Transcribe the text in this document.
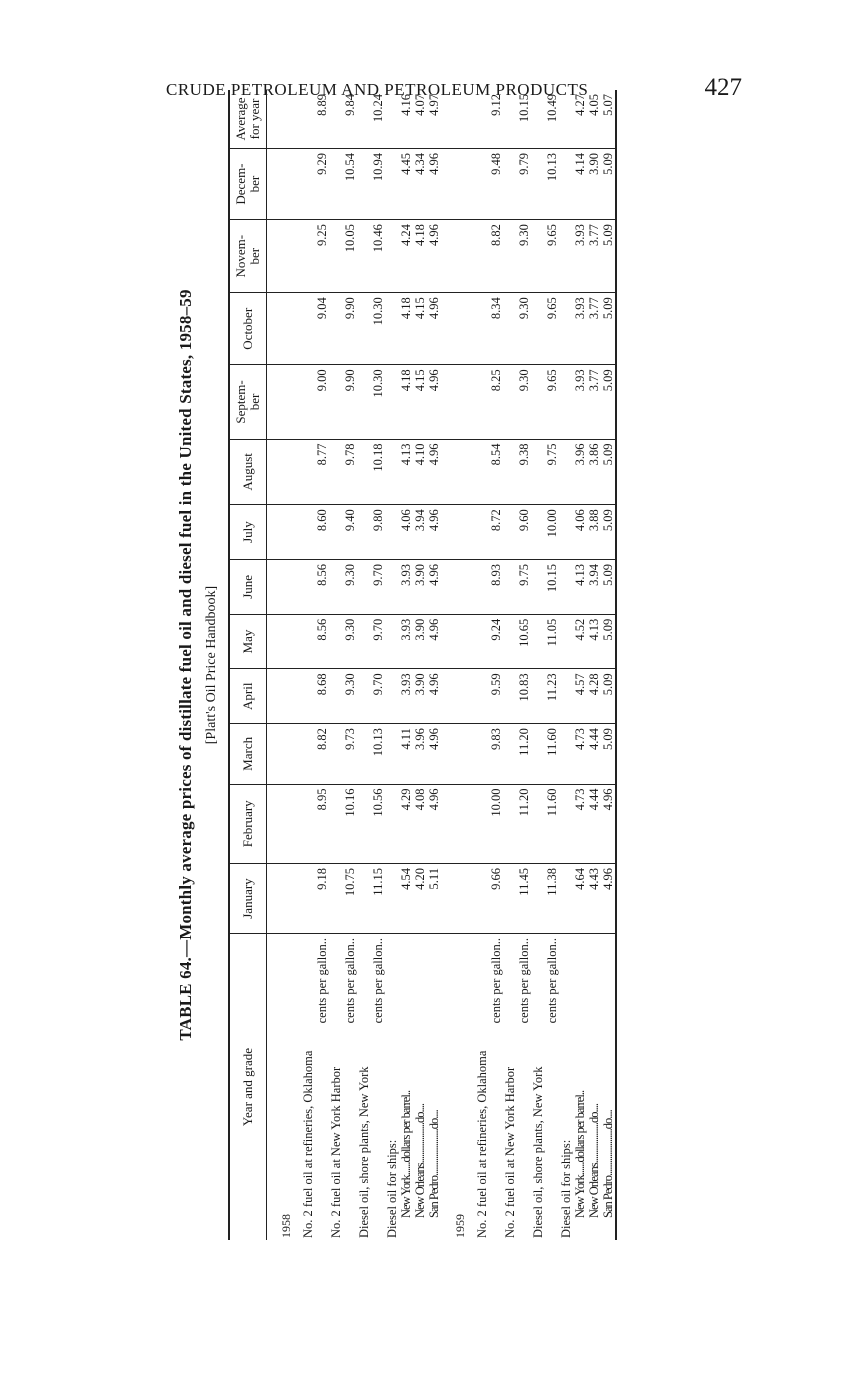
CRUDE PETROLEUM AND PETROLEUM PRODUCTS	427
TABLE 64.—Monthly average prices of distillate fuel oil and diesel fuel in the United States, 1958–59 [Platt's Oil Price Handbook]
Year and grade	January	February	March	April	May	June	July	August	Septem-
ber	October	Novem-
ber	Decem-
ber	Average for year
1958													
No. 2 fuel oil at refineries, Oklahoma
cents per gallon..	9.18	8.95	8.82	8.68	8.56	8.56	8.60	8.77	9.00	9.04	9.25	9.29	8.89
No. 2 fuel oil at New York Harbor
cents per gallon..	10.75	10.16	9.73	9.30	9.30	9.30	9.40	9.78	9.90	9.90	10.05	10.54	9.84
Diesel oil, shore plants, New York
cents per gallon..	11.15	10.56	10.13	9.70	9.70	9.70	9.80	10.18	10.30	10.30	10.46	10.94	10.24
Diesel oil for ships:													
New York......dollars per barrel..	4.54	4.29	4.11	3.93	3.93	3.93	4.06	4.13	4.18	4.18	4.24	4.45	4.16
New Orleans...................do....	4.20	4.08	3.96	3.90	3.90	3.90	3.94	4.10	4.15	4.15	4.18	4.34	4.07
San Pedro......................do....	5.11	4.96	4.96	4.96	4.96	4.96	4.96	4.96	4.96	4.96	4.96	4.96	4.97
1959													
No. 2 fuel oil at refineries, Oklahoma
cents per gallon..	9.66	10.00	9.83	9.59	9.24	8.93	8.72	8.54	8.25	8.34	8.82	9.48	9.12
No. 2 fuel oil at New York Harbor
cents per gallon..	11.45	11.20	11.20	10.83	10.65	9.75	9.60	9.38	9.30	9.30	9.30	9.79	10.15
Diesel oil, shore plants, New York
cents per gallon..	11.38	11.60	11.60	11.23	11.05	10.15	10.00	9.75	9.65	9.65	9.65	10.13	10.49
Diesel oil for ships:													
New York......dollars per barrel..	4.64	4.73	4.73	4.57	4.52	4.13	4.06	3.96	3.93	3.93	3.93	4.14	4.27
New Orleans...................do....	4.43	4.44	4.44	4.28	4.13	3.94	3.88	3.86	3.77	3.77	3.77	3.90	4.05
San Pedro......................do....	4.96	4.96	5.09	5.09	5.09	5.09	5.09	5.09	5.09	5.09	5.09	5.09	5.07
